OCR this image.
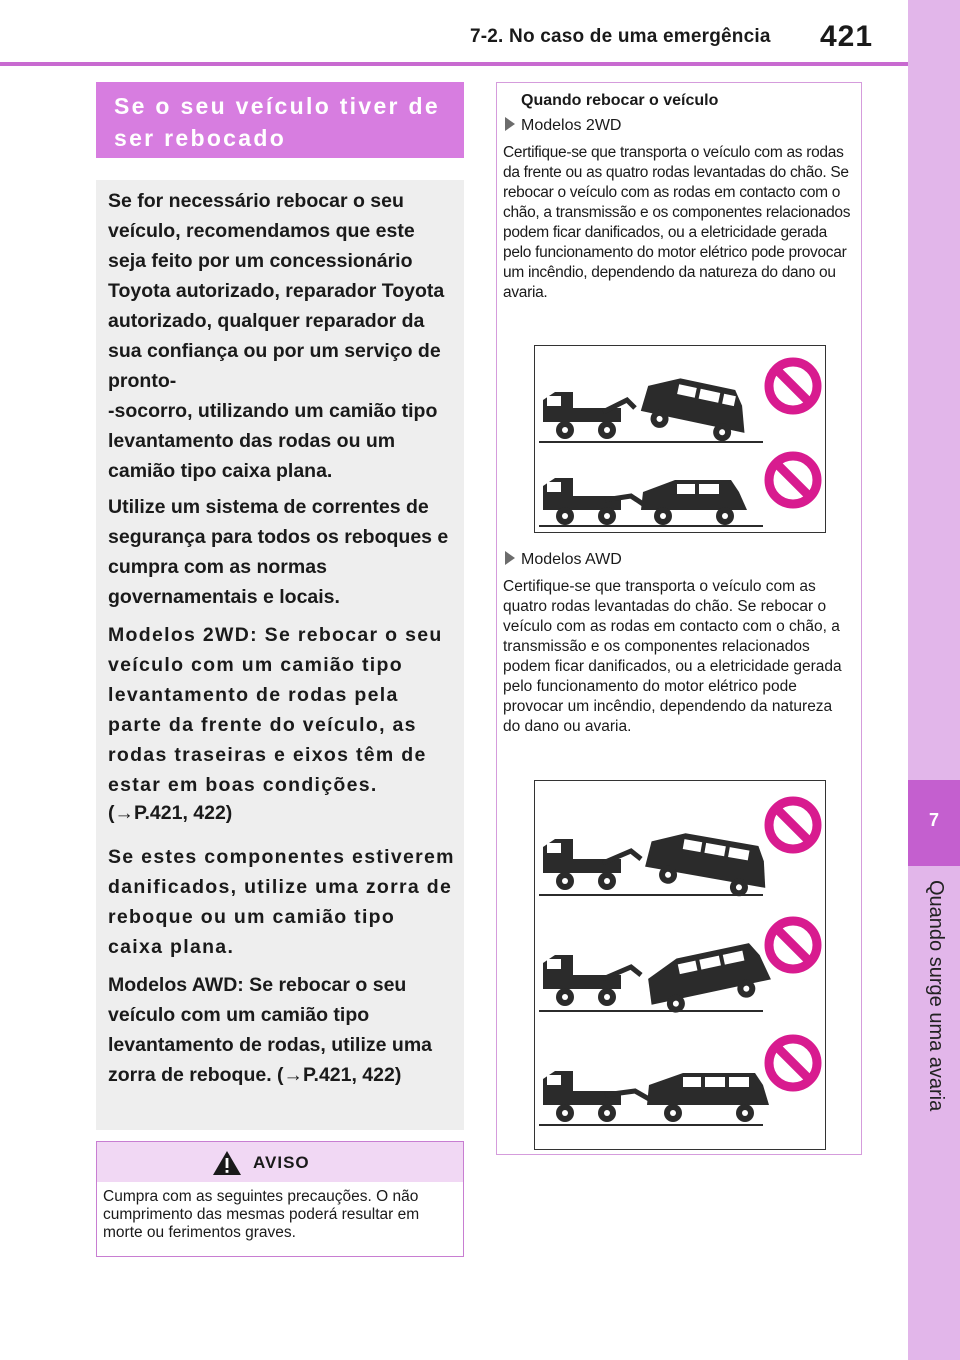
7-2. No caso de uma emergência 421
7
Quando surge uma avaria
Se o seu veículo tiver de ser rebocado

Se for necessário rebocar o seu veículo, recomendamos que este seja feito por um concessionário Toyota autorizado, reparador Toyota autorizado, qualquer reparador da sua confiança ou por um serviço de pronto-

-socorro, utilizando um camião tipo levantamento das rodas ou um camião tipo caixa plana.

Utilize um sistema de correntes de segurança para todos os reboques e cumpra com as normas governamentais e locais.

Modelos 2WD: Se rebocar o seu veículo com um camião tipo levantamento de rodas pela parte da frente do veículo, as rodas traseiras e eixos têm de estar em boas condições.

(→P.421, 422)

Se estes componentes estiverem danificados, utilize uma zorra de reboque ou um camião tipo caixa plana.

Modelos AWD: Se rebocar o seu veículo com um camião tipo levantamento de rodas, utilize uma zorra de reboque. (→P.421, 422)

AVISO

Cumpra com as seguintes precauções. O não cumprimento das mesmas poderá resultar em morte ou ferimentos graves.

Quando rebocar o veículo
Modelos 2WD

Certifique-se que transporta o veículo com as rodas da frente ou as quatro rodas levantadas do chão. Se rebocar o veículo com as rodas em contacto com o chão, a transmissão e os componentes relacionados podem ficar danificados, ou a eletricidade gerada pelo funcionamento do motor elétrico pode provocar um incêndio, dependendo da natureza do dano ou avaria.

Modelos AWD

Certifique-se que transporta o veículo com as quatro rodas levantadas do chão. Se rebocar o veículo com as rodas em contacto com o chão, a transmissão e os componentes relacionados podem ficar danificados, ou a eletricidade gerada pelo funcionamento do motor elétrico pode provocar um incêndio, dependendo da natureza do dano ou avaria.
